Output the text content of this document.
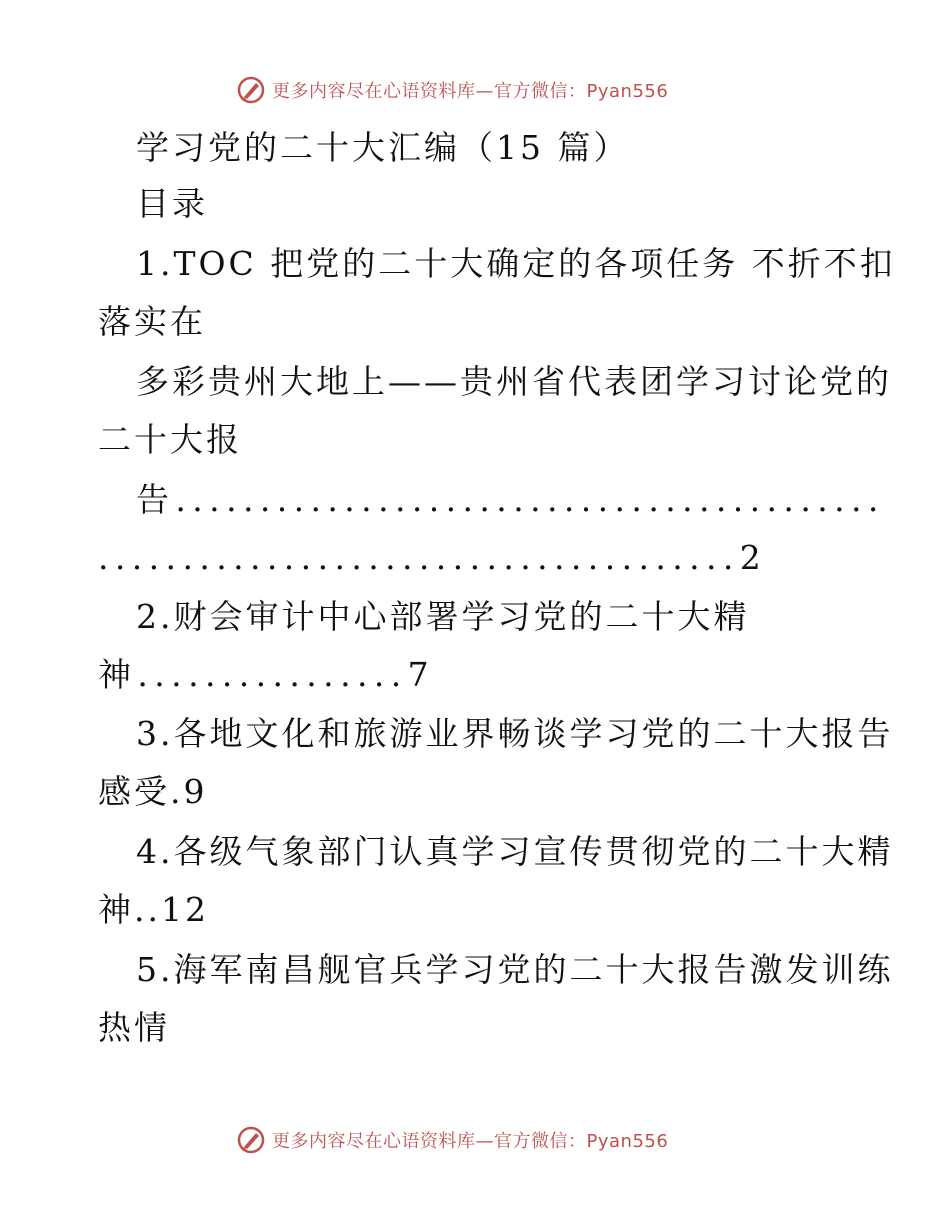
更多内容尽在心语资料库—官方微信：Pyan556
学习党的二十大汇编（15 篇）
目录
1.TOC 把党的二十大确定的各项任务 不折不扣
落实在
多彩贵州大地上——贵州省代表团学习讨论党的
二十大报
告..........................................
......................................2
2.财会审计中心部署学习党的二十大精
神................7
3.各地文化和旅游业界畅谈学习党的二十大报告
感受.9
4.各级气象部门认真学习宣传贯彻党的二十大精
神..12
5.海军南昌舰官兵学习党的二十大报告激发训练
热情
更多内容尽在心语资料库—官方微信：Pyan556
